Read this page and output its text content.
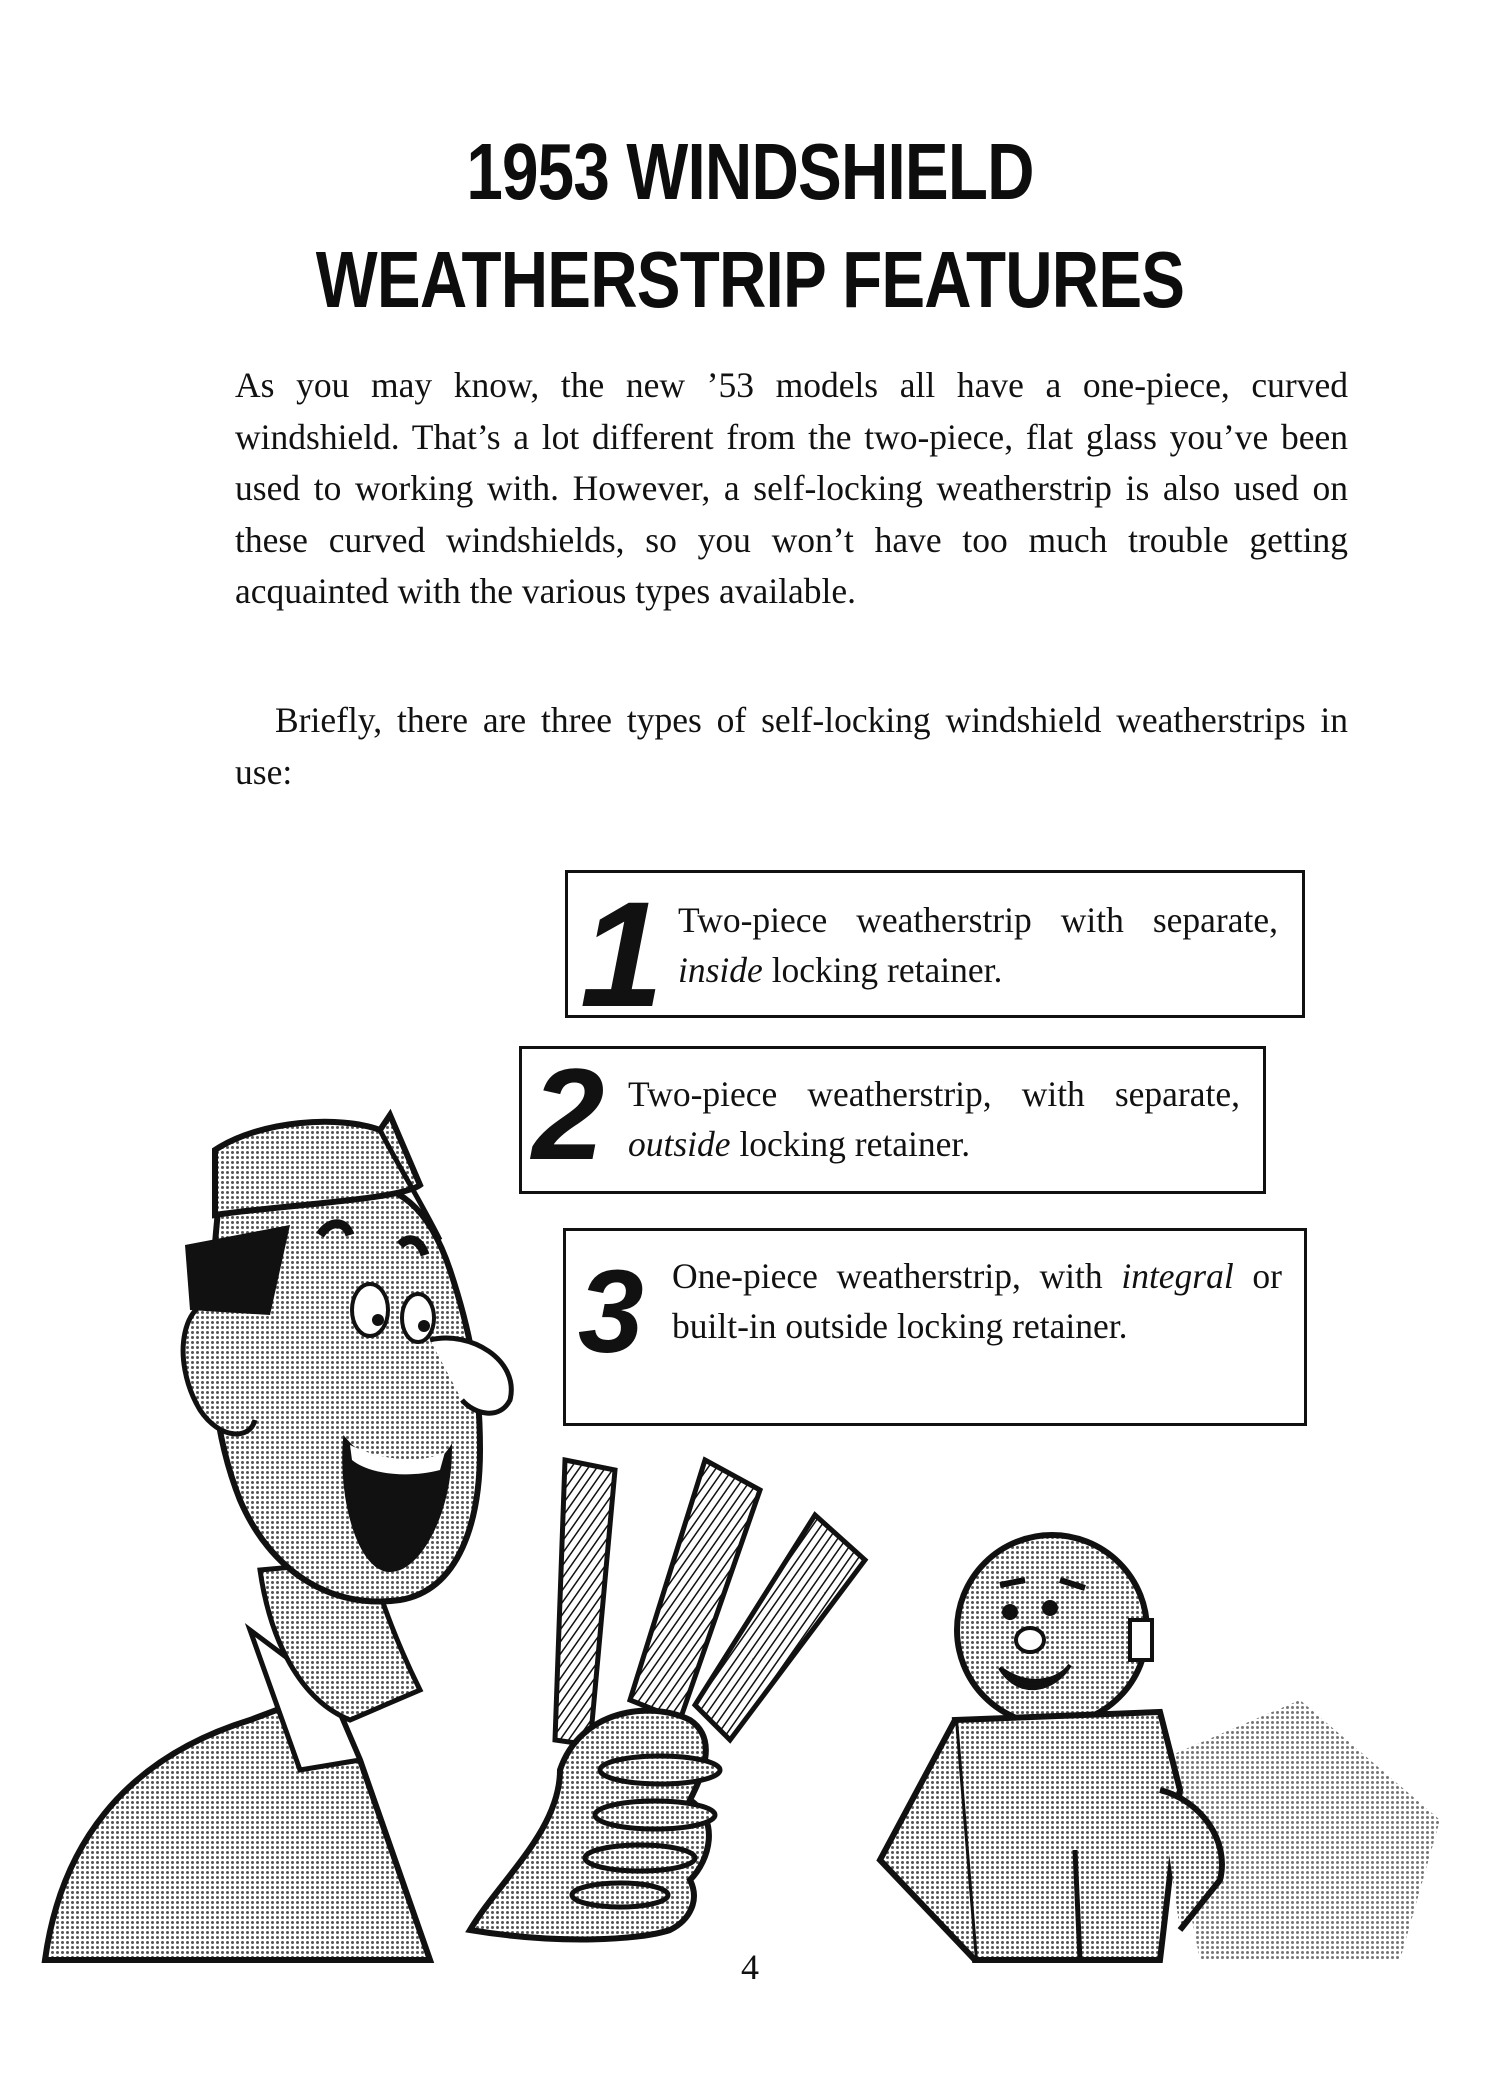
1953 WINDSHIELD
WEATHERSTRIP FEATURES

As you may know, the new ’53 models all have a one-piece, curved windshield. That’s a lot different from the two-piece, flat glass you’ve been used to working with. However, a self-locking weatherstrip is also used on these curved windshields, so you won’t have too much trouble getting acquainted with the various types available.

Briefly, there are three types of self-locking windshield weatherstrips in use:

1 Two-piece weatherstrip with separate, inside locking retainer.

2 Two-piece weatherstrip, with separate, outside locking retainer.

3 One-piece weatherstrip, with integral or built-in outside locking retainer.

4
